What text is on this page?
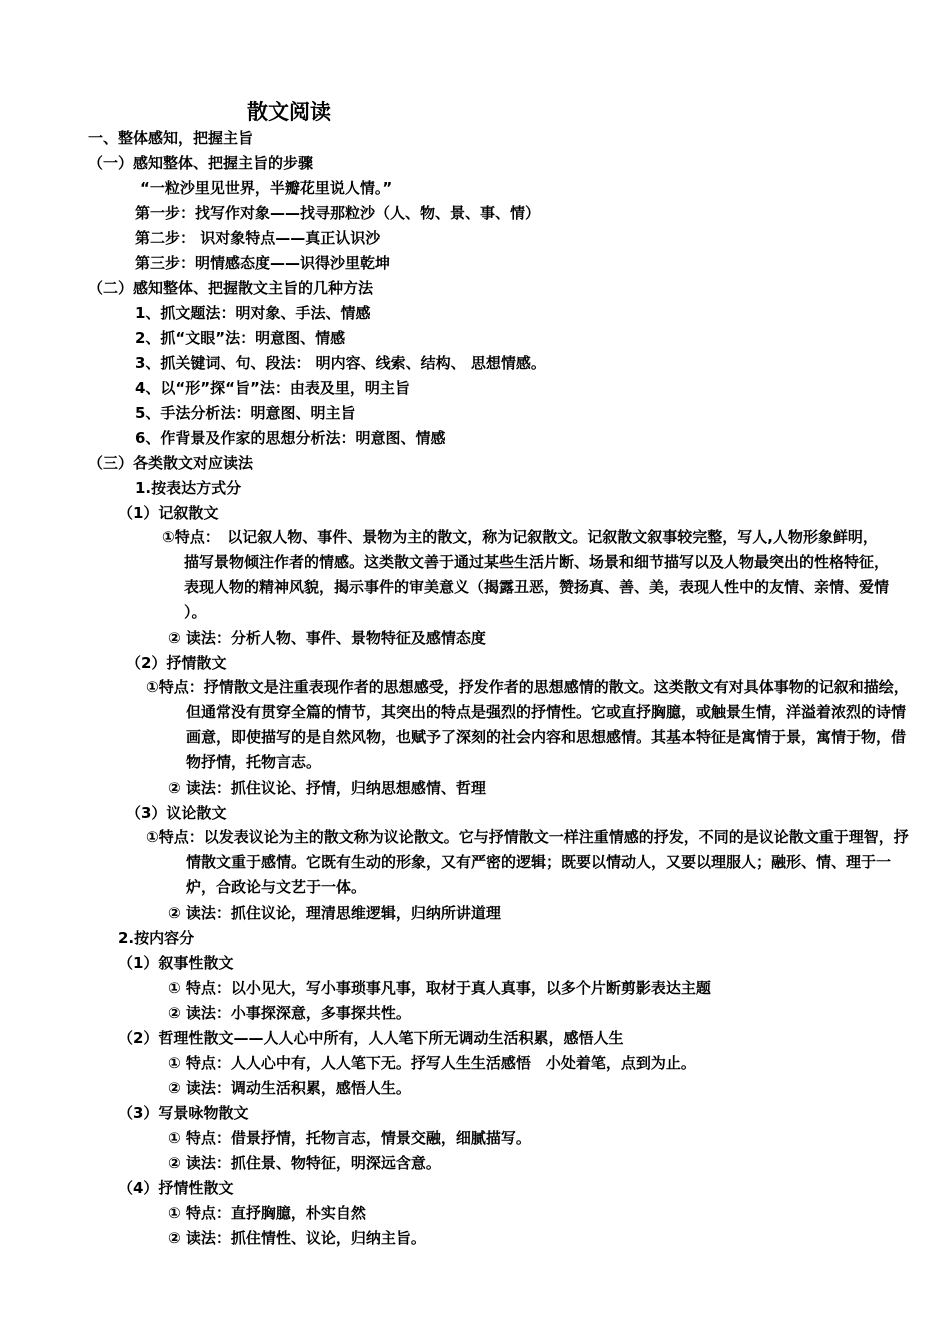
散文阅读
一、整体感知，把握主旨
（一）感知整体、把握主旨的步骤
“一粒沙里见世界，半瓣花里说人情。”
第一步：找写作对象——找寻那粒沙（人、物、景、事、情）
第二步： 识对象特点——真正认识沙
第三步：明情感态度——识得沙里乾坤
（二）感知整体、把握散文主旨的几种方法
1、抓文题法：明对象、手法、情感
2、抓“文眼”法：明意图、情感
3、抓关键词、句、段法： 明内容、线索、结构、 思想情感。
4、以“形”探“旨”法：由表及里，明主旨
5、手法分析法：明意图、明主旨
6、作背景及作家的思想分析法：明意图、情感
（三）各类散文对应读法
1.按表达方式分
（1）记叙散文
①特点：　以记叙人物、事件、景物为主的散文，称为记叙散文。记叙散文叙事较完整，写人,人物形象鲜明，描写景物倾注作者的情感。这类散文善于通过某些生活片断、场景和细节描写以及人物最突出的性格特征，表现人物的精神风貌，揭示事件的审美意义（揭露丑恶，赞扬真、善、美，表现人性中的友情、亲情、爱情 ）。
② 读法：分析人物、事件、景物特征及感情态度
（2）抒情散文
①特点：抒情散文是注重表现作者的思想感受，抒发作者的思想感情的散文。这类散文有对具体事物的记叙和描绘，但通常没有贯穿全篇的情节，其突出的特点是强烈的抒情性。它或直抒胸臆，或触景生情，洋溢着浓烈的诗情画意，即使描写的是自然风物，也赋予了深刻的社会内容和思想感情。其基本特征是寓情于景，寓情于物，借物抒情，托物言志。
② 读法：抓住议论、抒情，归纳思想感情、哲理
（3）议论散文
①特点：以发表议论为主的散文称为议论散文。它与抒情散文一样注重情感的抒发，不同的是议论散文重于理智，抒情散文重于感情。它既有生动的形象，又有严密的逻辑；既要以情动人，又要以理服人；融形、情、理于一炉，合政论与文艺于一体。
② 读法：抓住议论，理清思维逻辑，归纳所讲道理
2.按内容分
（1）叙事性散文
① 特点：以小见大，写小事琐事凡事，取材于真人真事，以多个片断剪影表达主题
② 读法：小事探深意，多事探共性。
（2）哲理性散文——人人心中所有，人人笔下所无调动生活积累，感悟人生
① 特点：人人心中有，人人笔下无。抒写人生生活感悟　小处着笔，点到为止。
② 读法：调动生活积累，感悟人生。
（3）写景咏物散文
① 特点：借景抒情，托物言志，情景交融，细腻描写。
② 读法：抓住景、物特征，明深远含意。
（4）抒情性散文
① 特点：直抒胸臆，朴实自然
② 读法：抓住情性、议论，归纳主旨。
